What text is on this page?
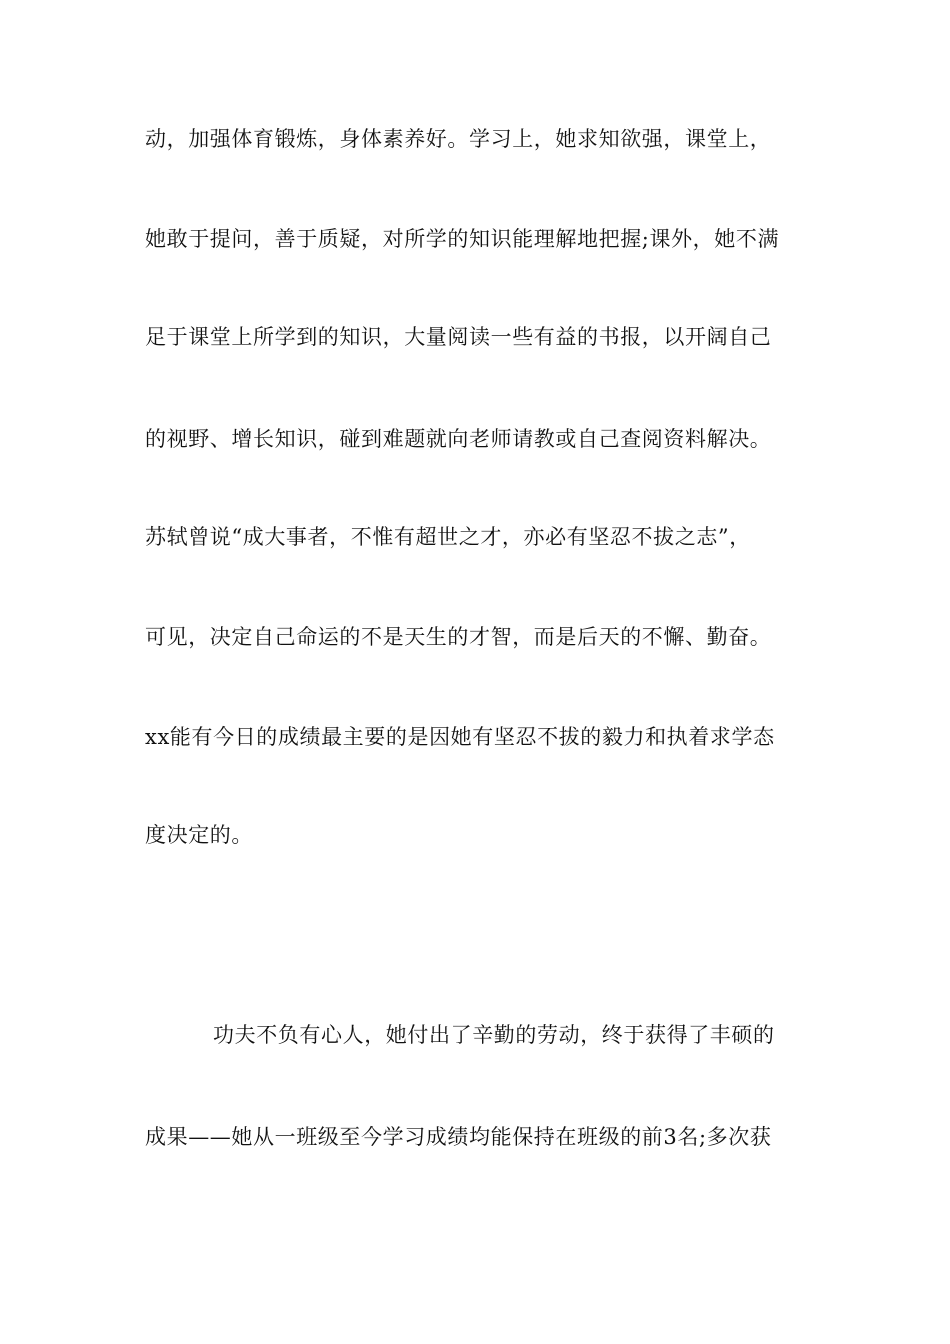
动，加强体育锻炼，身体素养好。学习上，她求知欲强，课堂上，
她敢于提问，善于质疑，对所学的知识能理解地把握;课外，她不满
足于课堂上所学到的知识，大量阅读一些有益的书报，以开阔自己
的视野、增长知识，碰到难题就向老师请教或自己查阅资料解决。
苏轼曾说“成大事者，不惟有超世之才，亦必有坚忍不拔之志”，
可见，决定自己命运的不是天生的才智，而是后天的不懈、勤奋。
xx能有今日的成绩最主要的是因她有坚忍不拔的毅力和执着求学态
度决定的。
功夫不负有心人，她付出了辛勤的劳动，终于获得了丰硕的
成果——她从一班级至今学习成绩均能保持在班级的前3名;多次获
